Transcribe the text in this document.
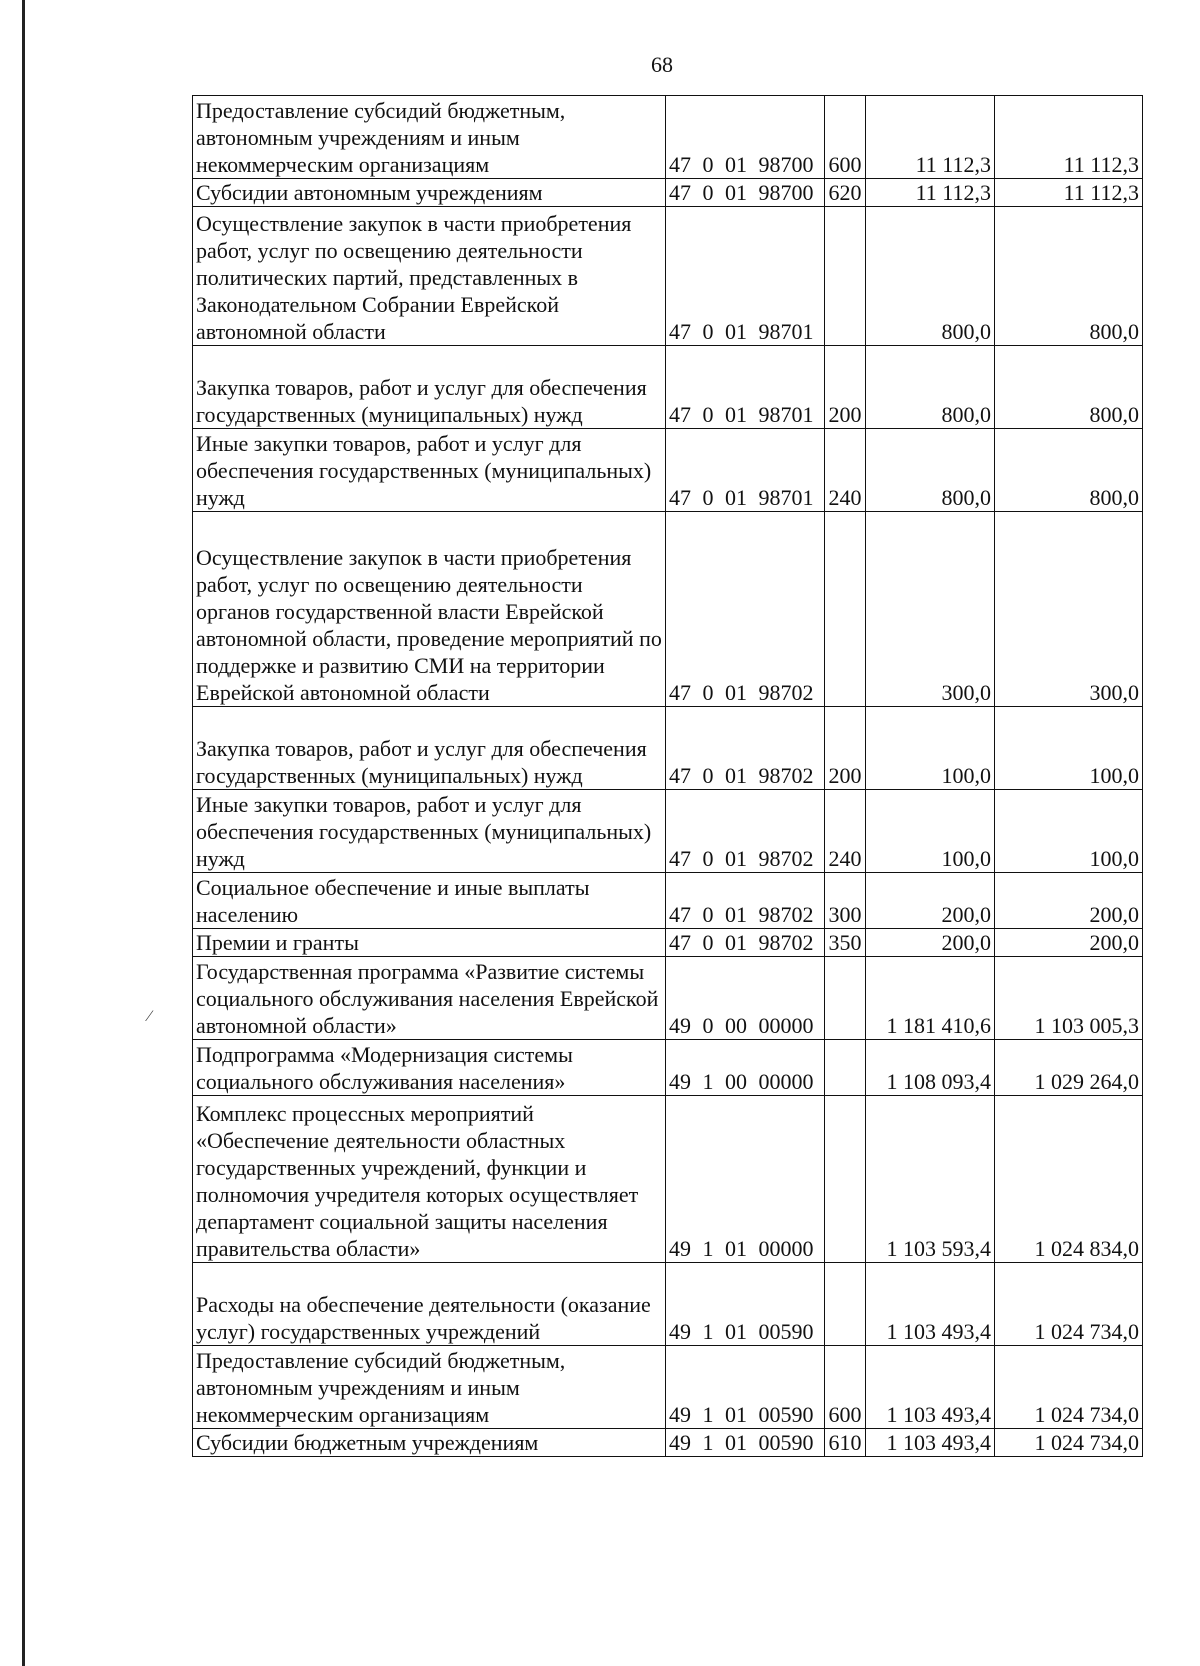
68
Предоставление субсидий бюджетным, автономным учреждениям и иным некоммерческим организациям	47 0 01 98700	600	11 112,3	11 112,3
Субсидии автономным учреждениям	47 0 01 98700	620	11 112,3	11 112,3
Осуществление закупок в части приобретения работ, услуг по освещению деятельности политических партий, представленных в Законодательном Собрании Еврейской автономной области	47 0 01 98701		800,0	800,0
Закупка товаров, работ и услуг для обеспечения государственных (муниципальных) нужд	47 0 01 98701	200	800,0	800,0
Иные закупки товаров, работ и услуг для обеспечения государственных (муниципальных) нужд	47 0 01 98701	240	800,0	800,0
Осуществление закупок в части приобретения работ, услуг по освещению деятельности органов государственной власти Еврейской автономной области, проведение мероприятий по поддержке и развитию СМИ на территории Еврейской автономной области	47 0 01 98702		300,0	300,0
Закупка товаров, работ и услуг для обеспечения государственных (муниципальных) нужд	47 0 01 98702	200	100,0	100,0
Иные закупки товаров, работ и услуг для обеспечения государственных (муниципальных) нужд	47 0 01 98702	240	100,0	100,0
Социальное обеспечение и иные выплаты населению	47 0 01 98702	300	200,0	200,0
Премии и гранты	47 0 01 98702	350	200,0	200,0
Государственная программа «Развитие системы социального обслуживания населения Еврейской автономной области»	49 0 00 00000		1 181 410,6	1 103 005,3
Подпрограмма «Модернизация системы социального обслуживания населения»	49 1 00 00000		1 108 093,4	1 029 264,0
Комплекс процессных мероприятий «Обеспечение деятельности областных государственных учреждений, функции и полномочия учредителя которых осуществляет департамент социальной защиты населения правительства области»	49 1 01 00000		1 103 593,4	1 024 834,0
Расходы на обеспечение деятельности (оказание услуг) государственных учреждений	49 1 01 00590		1 103 493,4	1 024 734,0
Предоставление субсидий бюджетным, автономным учреждениям и иным некоммерческим организациям	49 1 01 00590	600	1 103 493,4	1 024 734,0
Субсидии бюджетным учреждениям	49 1 01 00590	610	1 103 493,4	1 024 734,0
⁄
